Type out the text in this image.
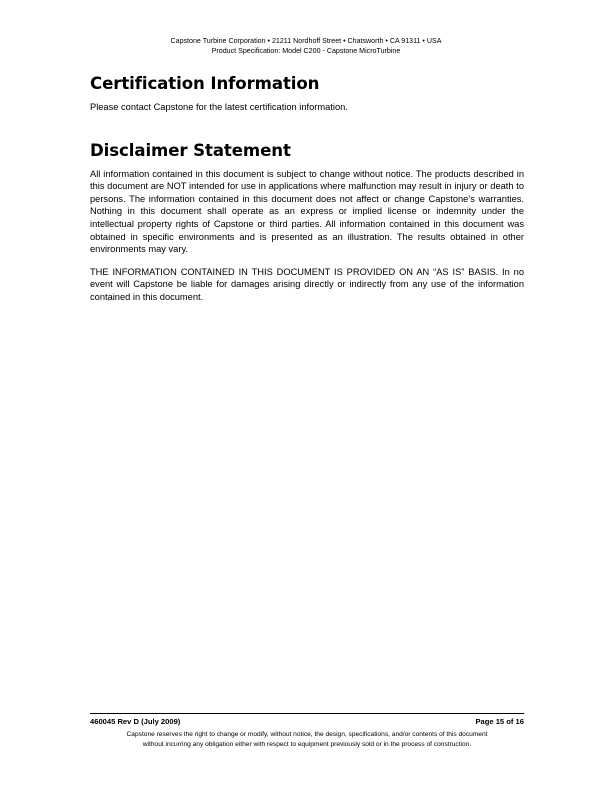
Capstone Turbine Corporation • 21211 Nordhoff Street • Chatsworth • CA 91311 • USA
Product Specification: Model C200 - Capstone MicroTurbine
Certification Information

Please contact Capstone for the latest certification information.

Disclaimer Statement

All information contained in this document is subject to change without notice. The products described in this document are NOT intended for use in applications where malfunction may result in injury or death to persons. The information contained in this document does not affect or change Capstone’s warranties. Nothing in this document shall operate as an express or implied license or indemnity under the intellectual property rights of Capstone or third parties. All information contained in this document was obtained in specific environments and is presented as an illustration. The results obtained in other environments may vary.

THE INFORMATION CONTAINED IN THIS DOCUMENT IS PROVIDED ON AN “AS IS” BASIS. In no event will Capstone be liable for damages arising directly or indirectly from any use of the information contained in this document.

460045 Rev D (July 2009)	Page 15 of 16
Capstone reserves the right to change or modify, without notice, the design, specifications, and/or contents of this document
without incurring any obligation either with respect to equipment previously sold or in the process of construction.
